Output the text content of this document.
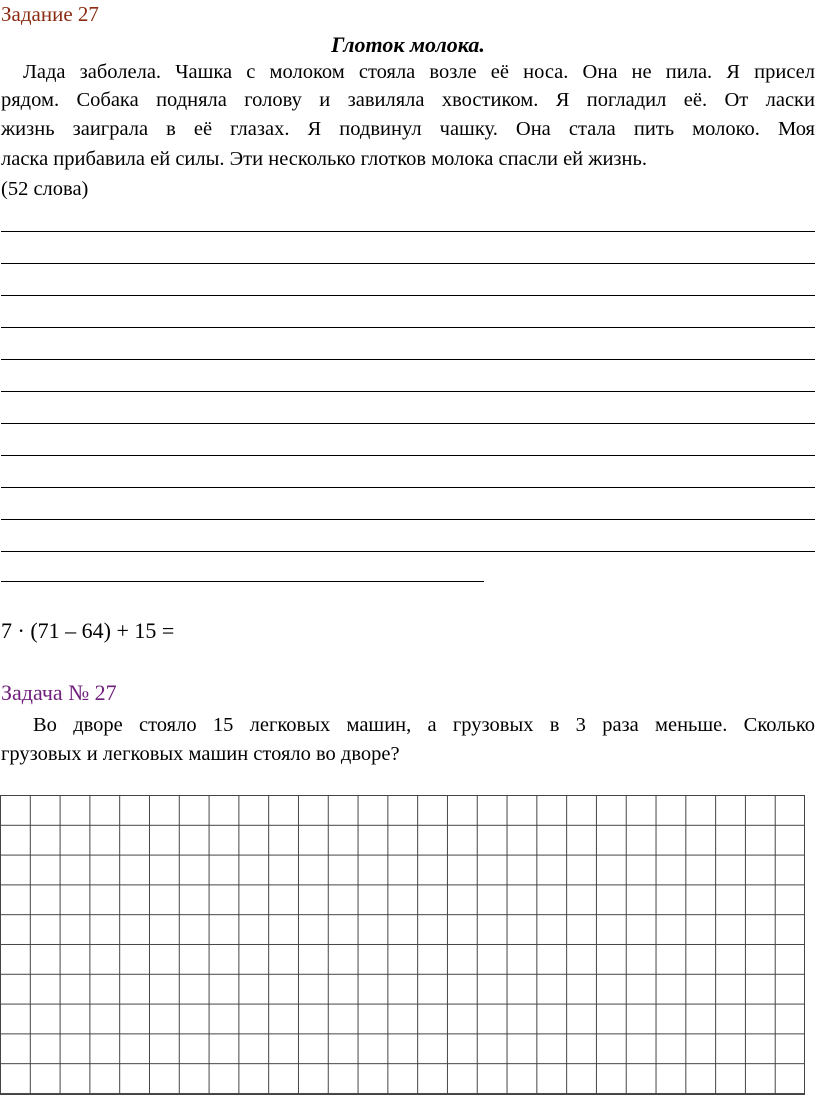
Задание 27
Глоток молока.
Лада заболела. Чашка с молоком стояла возле её носа. Она не пила. Я присел
рядом. Собака подняла голову и завиляла хвостиком. Я погладил её. От ласки
жизнь заиграла в её глазах. Я подвинул чашку. Она стала пить молоко. Моя
ласка прибавила ей силы. Эти несколько глотков молока спасли ей жизнь.
(52 слова)
7 · (71 – 64) + 15 =
Задача № 27
Во дворе стояло 15 легковых машин, а грузовых в 3 раза меньше. Сколько
грузовых и легковых машин стояло во дворе?
